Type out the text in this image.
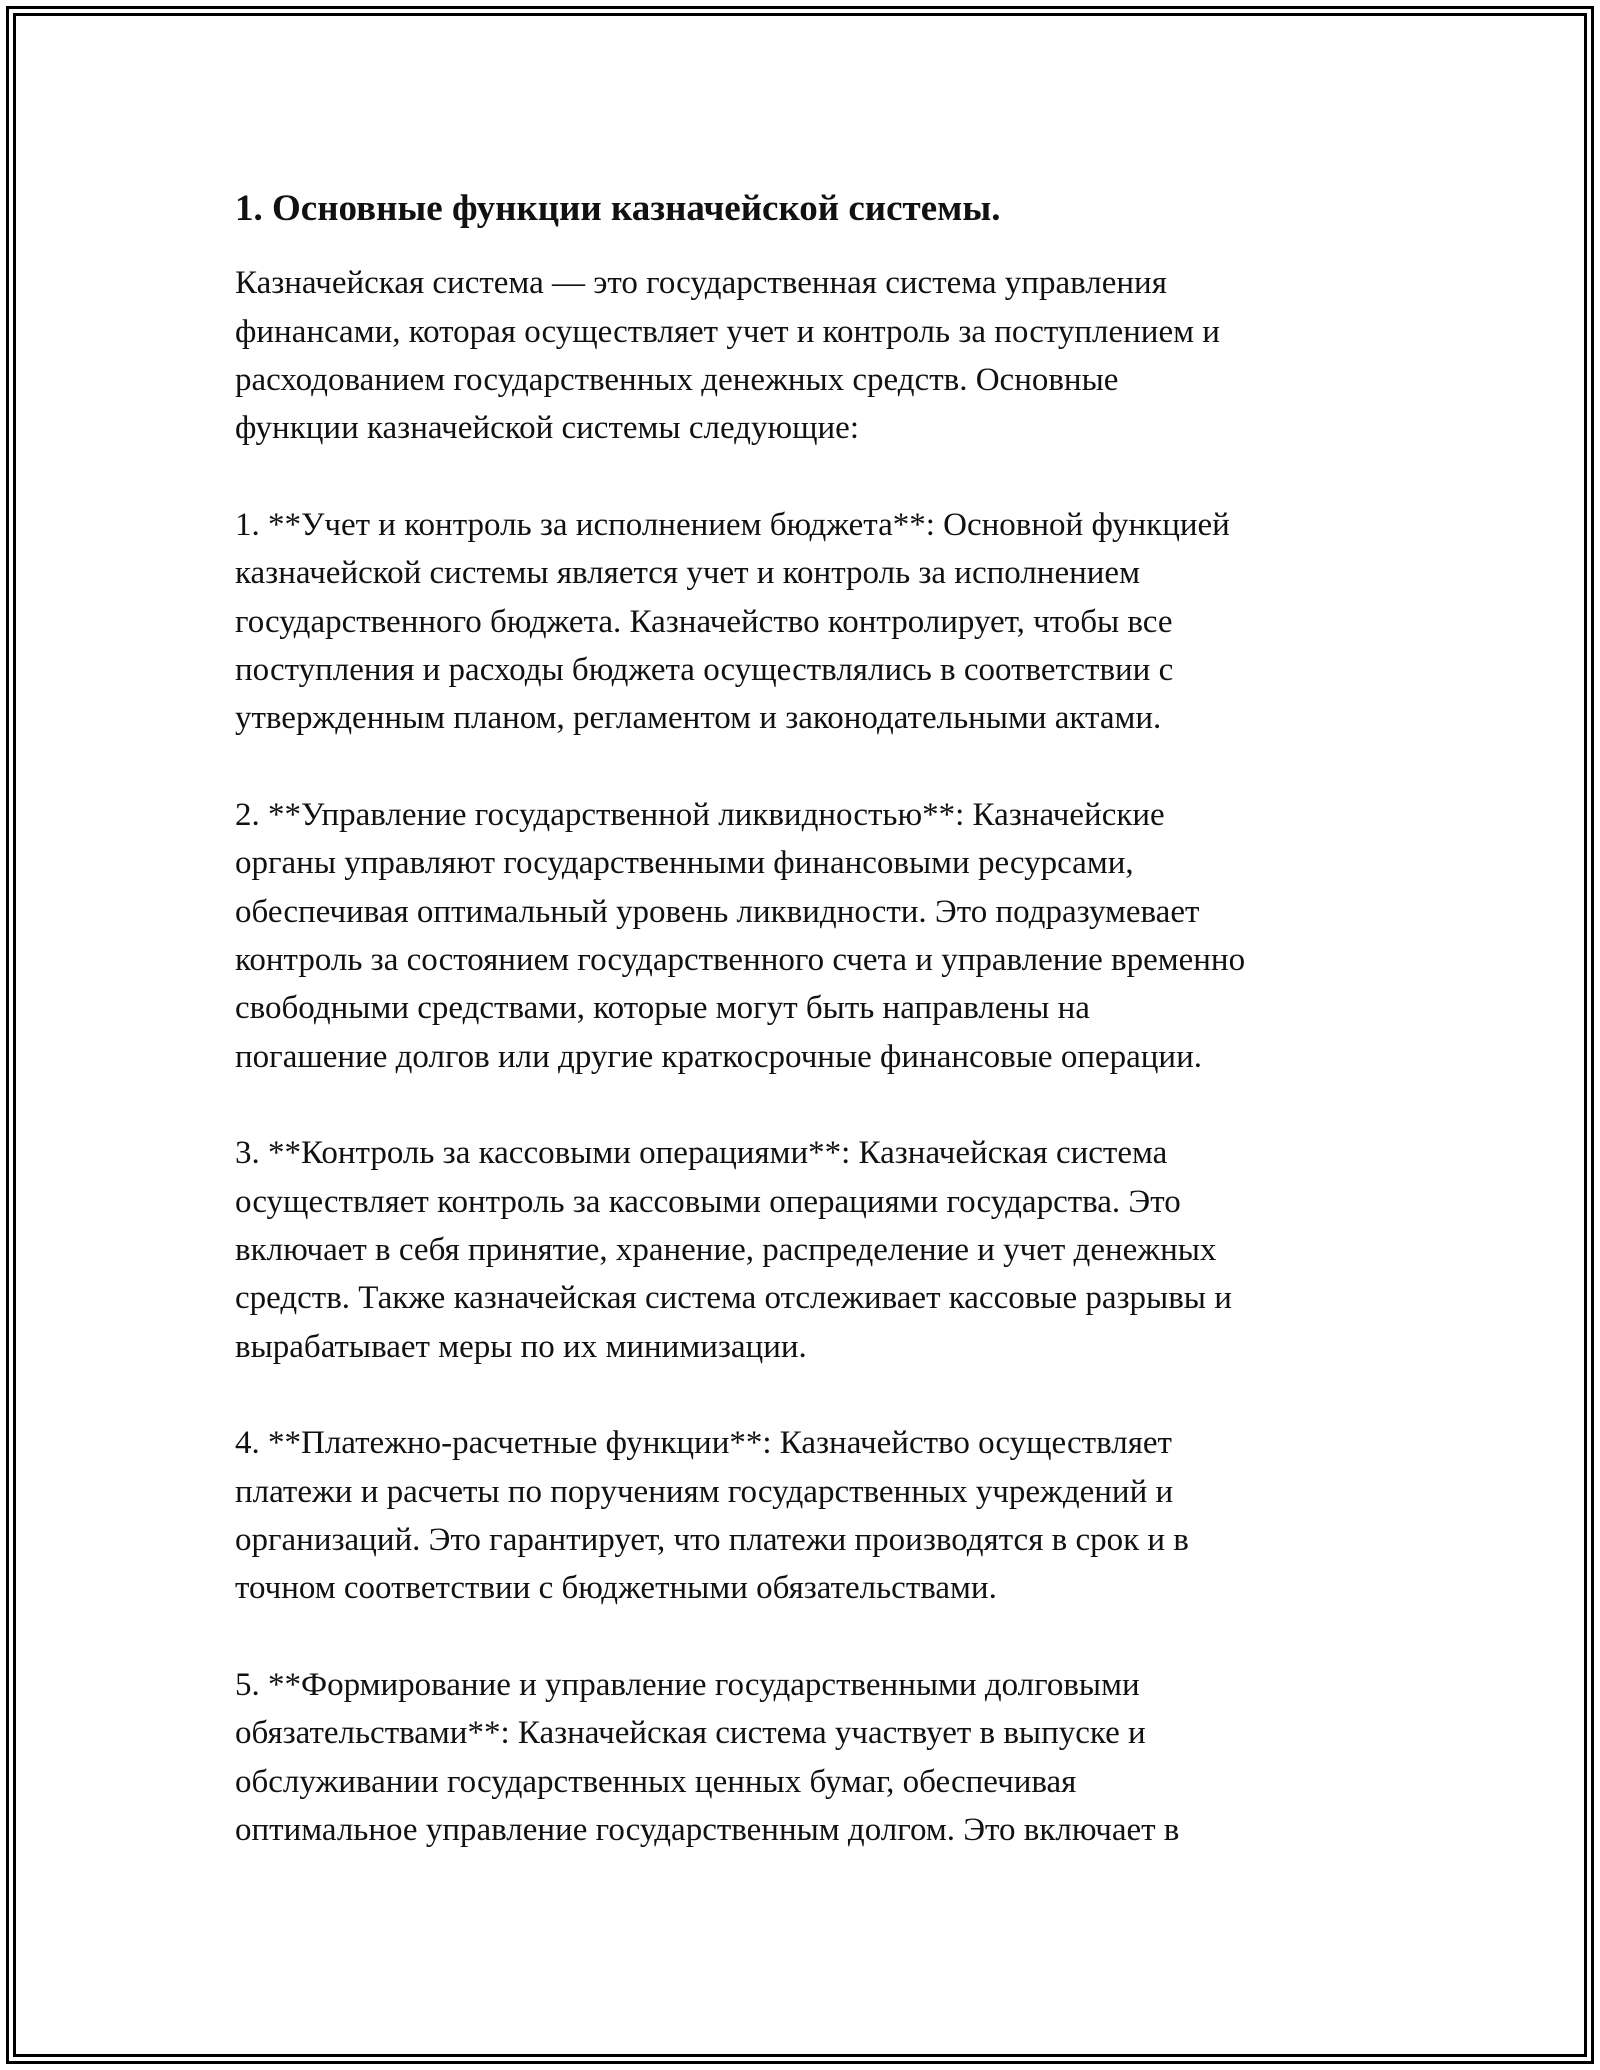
1. Основные функции казначейской системы.

Казначейская система — это государственная система управления
финансами, которая осуществляет учет и контроль за поступлением и
расходованием государственных денежных средств. Основные
функции казначейской системы следующие:

1. **Учет и контроль за исполнением бюджета**: Основной функцией
казначейской системы является учет и контроль за исполнением
государственного бюджета. Казначейство контролирует, чтобы все
поступления и расходы бюджета осуществлялись в соответствии с
утвержденным планом, регламентом и законодательными актами.

2. **Управление государственной ликвидностью**: Казначейские
органы управляют государственными финансовыми ресурсами,
обеспечивая оптимальный уровень ликвидности. Это подразумевает
контроль за состоянием государственного счета и управление временно
свободными средствами, которые могут быть направлены на
погашение долгов или другие краткосрочные финансовые операции.

3. **Контроль за кассовыми операциями**: Казначейская система
осуществляет контроль за кассовыми операциями государства. Это
включает в себя принятие, хранение, распределение и учет денежных
средств. Также казначейская система отслеживает кассовые разрывы и
вырабатывает меры по их минимизации.

4. **Платежно-расчетные функции**: Казначейство осуществляет
платежи и расчеты по поручениям государственных учреждений и
организаций. Это гарантирует, что платежи производятся в срок и в
точном соответствии с бюджетными обязательствами.

5. **Формирование и управление государственными долговыми
обязательствами**: Казначейская система участвует в выпуске и
обслуживании государственных ценных бумаг, обеспечивая
оптимальное управление государственным долгом. Это включает в
